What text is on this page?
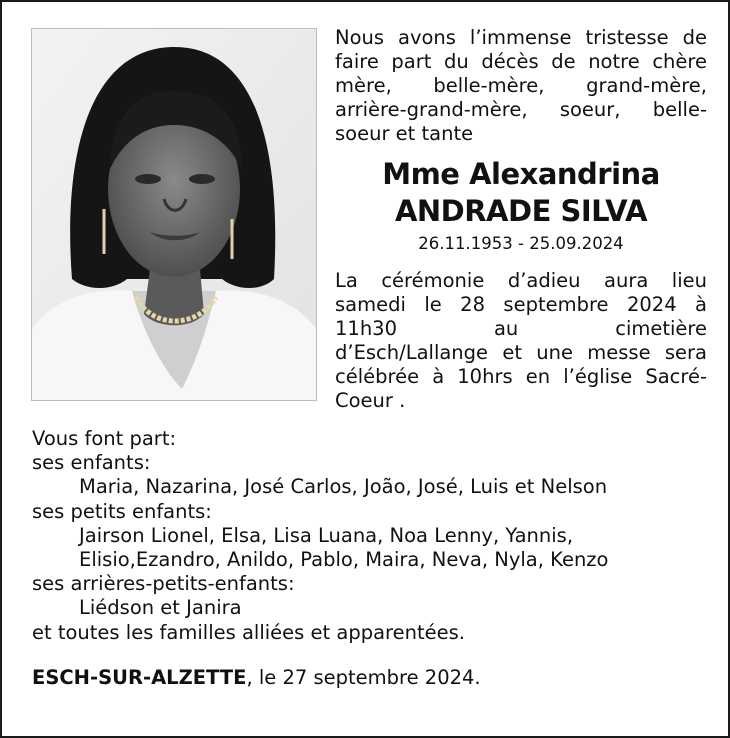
Nous avons l’immense tristesse de
faire part du décès de notre chère
mère, belle-mère, grand-mère,
arrière-grand-mère, soeur, belle-
soeur et tante
Mme Alexandrina
ANDRADE SILVA
26.11.1953 - 25.09.2024
La cérémonie d’adieu aura lieu
samedi le 28 septembre 2024 à
11h30 au cimetière
d’Esch/Lallange et une messe sera
célébrée à 10hrs en l’église Sacré-
Coeur .
Vous font part:
ses enfants:
Maria, Nazarina, José Carlos, João, José, Luis et Nelson
ses petits enfants:
Jairson Lionel, Elsa, Lisa Luana, Noa Lenny, Yannis,
Elisio,Ezandro, Anildo, Pablo, Maira, Neva, Nyla, Kenzo
ses arrières-petits-enfants:
Liédson et Janira
et toutes les familles alliées et apparentées.
ESCH-SUR-ALZETTE, le 27 septembre 2024.
